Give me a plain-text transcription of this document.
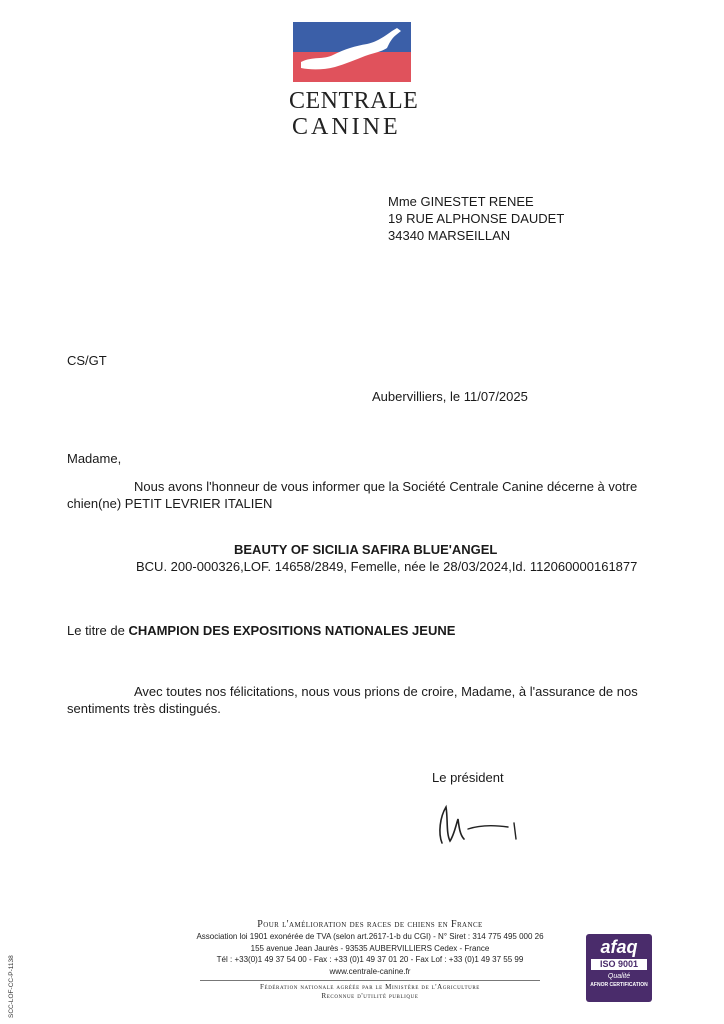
CENTRALE
CANINE
Mme GINESTET RENEE
19 RUE ALPHONSE DAUDET
34340 MARSEILLAN
CS/GT
Aubervilliers, le 11/07/2025
Madame,
Nous avons l'honneur de vous informer que la Société Centrale Canine décerne à votre
chien(ne) PETIT LEVRIER ITALIEN
BEAUTY OF SICILIA SAFIRA BLUE'ANGEL
BCU. 200-000326,LOF. 14658/2849, Femelle, née le 28/03/2024,Id. 112060000161877
Le titre de CHAMPION DES EXPOSITIONS NATIONALES JEUNE
Avec toutes nos félicitations, nous vous prions de croire, Madame, à l'assurance de nos
sentiments très distingués.
Le président
Pour l'amélioration des races de chiens en France
Association loi 1901 exonérée de TVA (selon art.2617-1-b du CGI) - N° Siret : 314 775 495 000 26
155 avenue Jean Jaurès - 93535 AUBERVILLIERS Cedex - France
Tél : +33(0)1 49 37 54 00 - Fax : +33 (0)1 49 37 01 20 - Fax Lof : +33 (0)1 49 37 55 99
www.centrale-canine.fr
Fédération nationale agréée par le Ministère de l'Agriculture
Reconnue d'utilité publique
afaq
ISO 9001
Qualité
AFNOR CERTIFICATION
SCC-LOF-CC-P-1138
